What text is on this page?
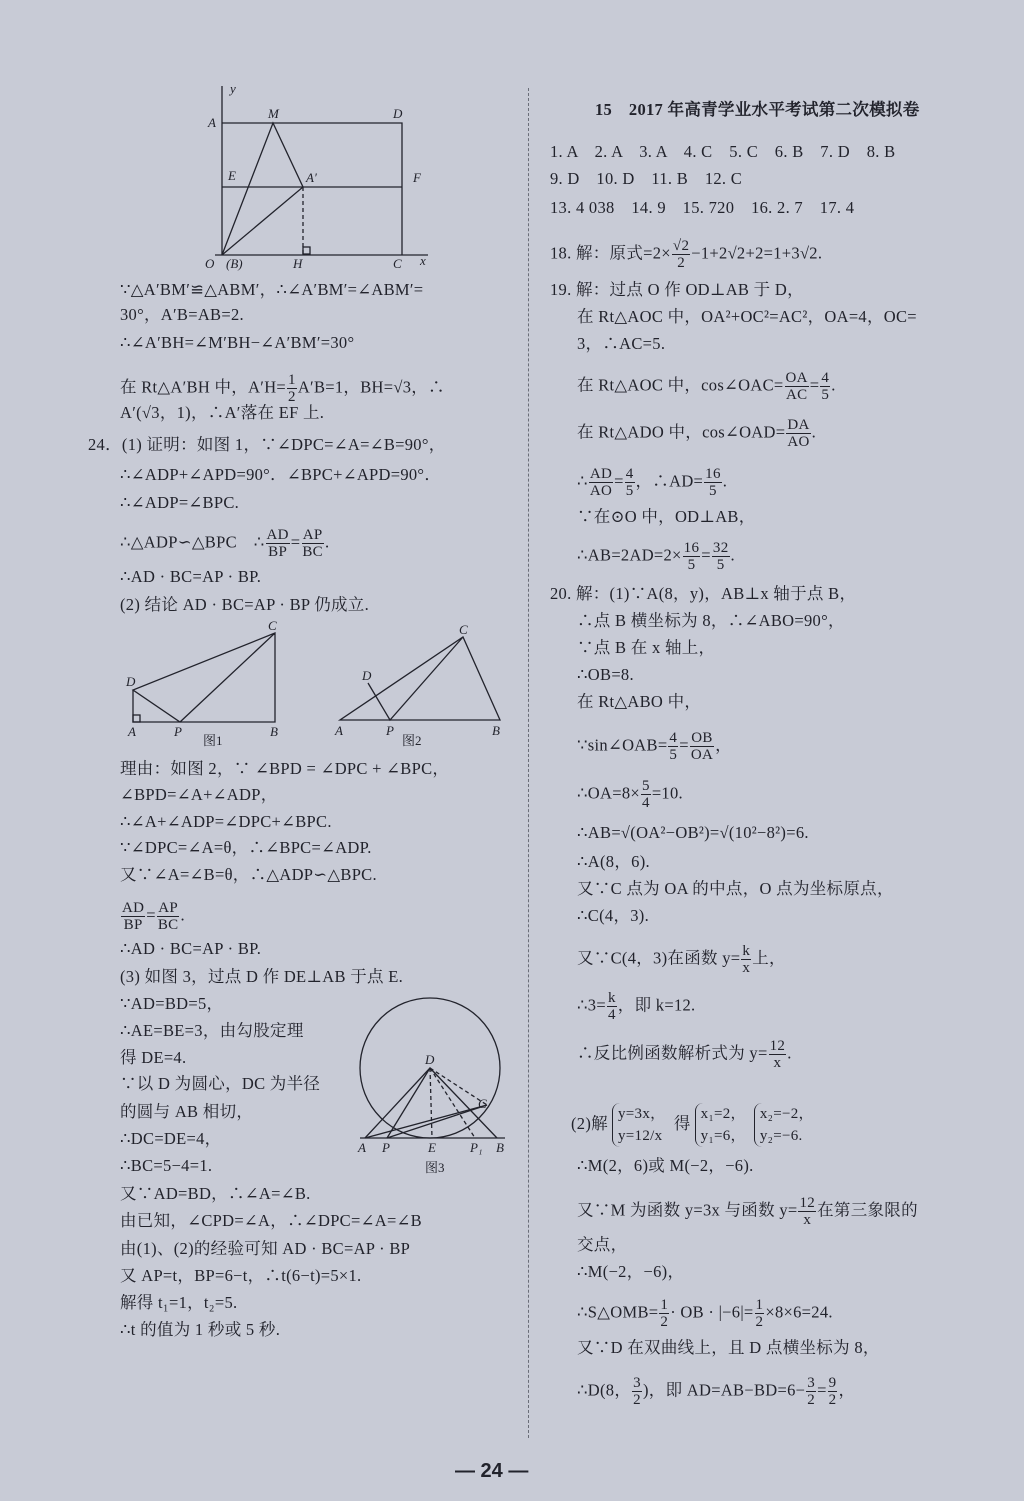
15　2017 年高青学业水平考试第二次模拟卷
∵△A′BM′≌△ABM′，∴∠A′BM′=∠ABM′=
30°，A′B=AB=2.
∴∠A′BH=∠M′BH−∠A′BM′=30°
在 Rt△A′BH 中，$A'H= \frac{1}{2} A'B=1$，BH=√3，∴
A′(√3，1)，∴A′落在 EF 上.
24．(1) 证明：如图 1，∵∠DPC=∠A=∠B=90°，
∴∠ADP+∠APD=90°．∠BPC+∠APD=90°．
∴∠ADP=∠BPC.
∴△ADP∽△BPC　∴ $\frac{AD}{BP} = \frac{AP}{BC}$ .
∴AD · BC=AP · BP.
(2) 结论 AD · BC=AP · BP 仍成立.
理由：如图 2，∵ ∠BPD = ∠DPC + ∠BPC，
∠BPD=∠A+∠ADP，
∴∠A+∠ADP=∠DPC+∠BPC.
∵∠DPC=∠A=θ，∴∠BPC=∠ADP.
又∵∠A=∠B=θ，∴△ADP∽△BPC.
$\frac{AD}{BP} = \frac{AP}{BC}$ .
∴AD · BC=AP · BP.
(3) 如图 3，过点 D 作 DE⊥AB 于点 E.
∵AD=BD=5，
∴AE=BE=3，由勾股定理
得 DE=4.
∵以 D 为圆心，DC 为半径
的圆与 AB 相切，
∴DC=DE=4，
∴BC=5−4=1.
又∵AD=BD，∴∠A=∠B.
由已知，∠CPD=∠A，∴∠DPC=∠A=∠B
由(1)、(2)的经验可知 AD · BC=AP · BP
又 AP=t，BP=6−t，∴t(6−t)=5×1.
解得 t₁=1，t₂=5.
∴t 的值为 1 秒或 5 秒.
1. A　2. A　3. A　4. C　5. C　6. B　7. D　8. B
9. D　10. D　11. B　12. C
13. 4 038　14. 9　15. 720　16. 2. 7　17. 4
18. 解：原式$=2\times \frac{√2}{2} -1+2√2+2=1+3√2$.
19. 解：过点 O 作 OD⊥AB 于 D，
在 Rt△AOC 中，OA²+OC²=AC²，OA=4，OC=
3，∴AC=5.
在 Rt△AOC 中，cos∠OAC= $\frac{OA}{AC} = \frac{4}{5}$ .
在 Rt△ADO 中，cos∠OAD= $\frac{DA}{AO}$ .
∴ $\frac{AD}{AO} = \frac{4}{5}$ ，∴AD= $\frac{16}{5}$ .
∵在⊙O 中，OD⊥AB，
∴AB=2AD=2× $\frac{16}{5} = \frac{32}{5}$ .
20. 解：(1)∵A(8，y)，AB⊥x 轴于点 B，
∴点 B 横坐标为 8，∴∠ABO=90°，
∵点 B 在 x 轴上，
∴OB=8.
在 Rt△ABO 中，
∵sin∠OAB= $\frac{4}{5} = \frac{OB}{OA}$ ，
∴OA=8× $\frac{5}{4} =10$.
∴AB=√(OA²−OB²)=√(10²−8²)=6.
∴A(8，6).
又∵C 点为 OA 的中点，O 点为坐标原点，
∴C(4，3).
又∵C(4，3)在函数 $y= \frac{k}{x}$ 上，
∴3= $\frac{k}{4}$ ，即 k=12.
∴反比例函数解析式为 $y= \frac{12}{x}$ .
(2)解 y=3x，
y=12/x
得 x₁=2，
y₁=6，
x₂=−2，
y₂=−6.
∴M(2，6)或 M(−2，−6).
又∵M 为函数 y=3x 与函数 $y= \frac{12}{x}$ 在第三象限的
交点，
∴M(−2，−6)，
∴S△OMB= $\frac{1}{2}$ · OB · $|-6|= \frac{1}{2} \times 8\times 6=24$.
又∵D 在双曲线上，且 D 点横坐标为 8，
∴D(8， $\frac{3}{2}$ )，即 $AD=AB-BD=6- \frac{3}{2} = \frac{9}{2}$ ，
y
A
M	D
E	A′	F
O (B)	H	C x
C
D
A	P	B
图1
C
D
A	P	B
图2
D
C
A P	E	P₁ B
图3
— 24 —
